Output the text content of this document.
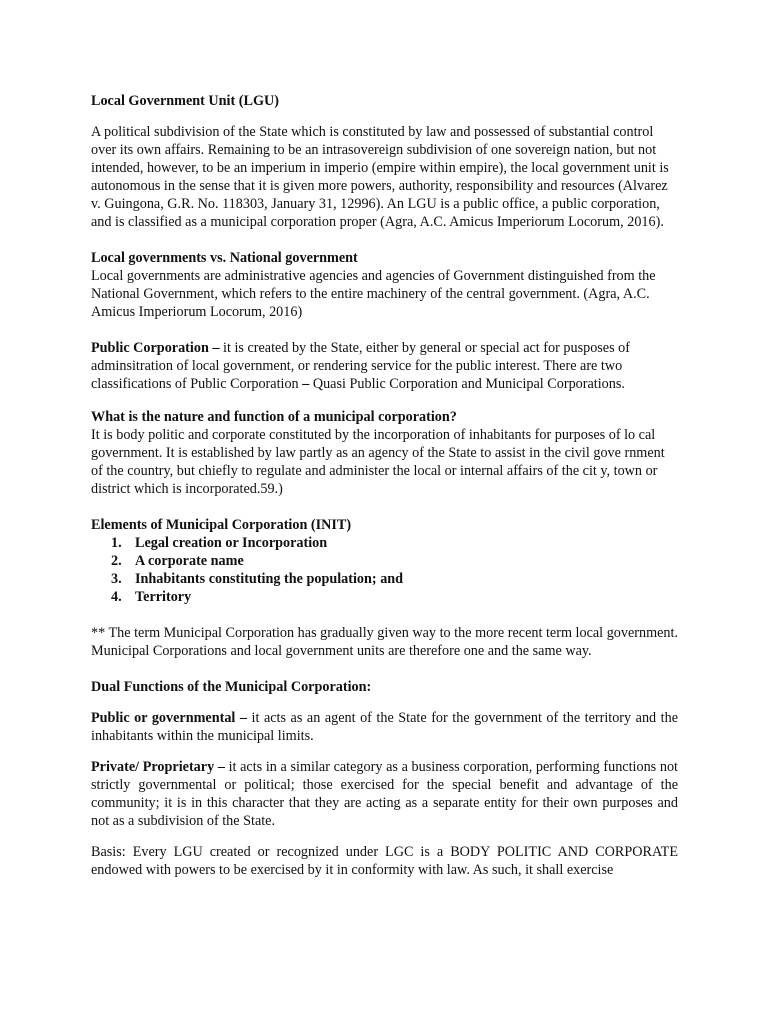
Local Government Unit (LGU)

A political subdivision of the State which is constituted by law and possessed of substantial control over its own affairs. Remaining to be an intrasovereign subdivision of one sovereign nation, but not intended, however, to be an imperium in imperio (empire within empire), the local government unit is autonomous in the sense that it is given more powers, authority, responsibility and resources (Alvarez v. Guingona, G.R. No. 118303, January 31, 12996). An LGU is a public office, a public corporation, and is classified as a municipal corporation proper (Agra, A.C. Amicus Imperiorum Locorum, 2016).

Local governments vs. National government

Local governments are administrative agencies and agencies of Government distinguished from the National Government, which refers to the entire machinery of the central government. (Agra, A.C. Amicus Imperiorum Locorum, 2016)

Public Corporation – it is created by the State, either by general or special act for pusposes of adminsitration of local government, or rendering service for the public interest. There are two classifications of Public Corporation – Quasi Public Corporation and Municipal Corporations.

What is the nature and function of a municipal corporation?

It is body politic and corporate constituted by the incorporation of inhabitants for purposes of lo cal government. It is established by law partly as an agency of the State to assist in the civil gove rnment of the country, but chiefly to regulate and administer the local or internal affairs of the cit y, town or district which is incorporated.59.)

Elements of Municipal Corporation (INIT)

1. Legal creation or Incorporation
2. A corporate name
3. Inhabitants constituting the population; and
4. Territory

** The term Municipal Corporation has gradually given way to the more recent term local government. Municipal Corporations and local government units are therefore one and the same way.

Dual Functions of the Municipal Corporation:

Public or governmental – it acts as an agent of the State for the government of the territory and the inhabitants within the municipal limits.

Private/ Proprietary – it acts in a similar category as a business corporation, performing functions not strictly governmental or political; those exercised for the special benefit and advantage of the community; it is in this character that they are acting as a separate entity for their own purposes and not as a subdivision of the State.

Basis: Every LGU created or recognized under LGC is a BODY POLITIC AND CORPORATE endowed with powers to be exercised by it in conformity with law. As such, it shall exercise
